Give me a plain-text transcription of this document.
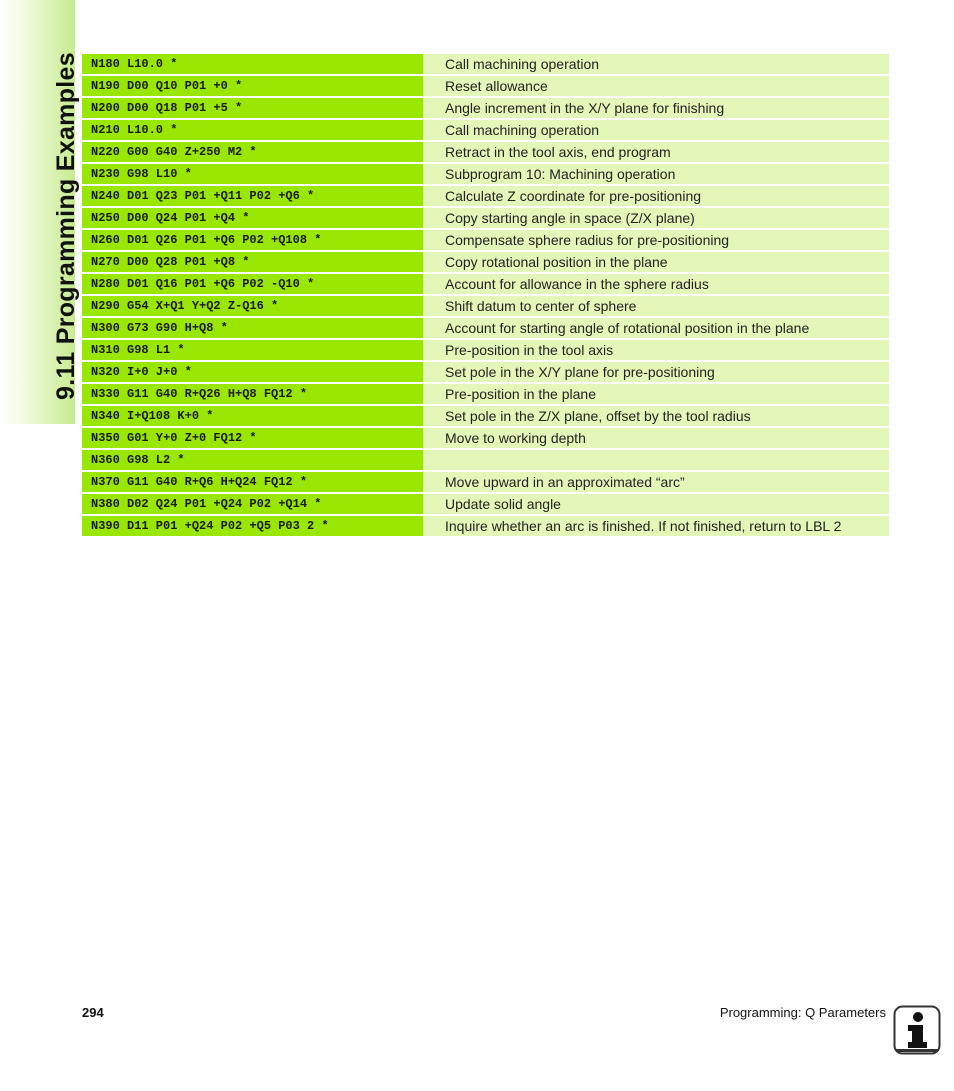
9.11 Programming Examples N180 L10.0 *	Call machining operation
N190 D00 Q10 P01 +0 *	Reset allowance
N200 D00 Q18 P01 +5 *	Angle increment in the X/Y plane for finishing
N210 L10.0 *	Call machining operation
N220 G00 G40 Z+250 M2 *	Retract in the tool axis, end program
N230 G98 L10 *	Subprogram 10: Machining operation
N240 D01 Q23 P01 +Q11 P02 +Q6 *	Calculate Z coordinate for pre-positioning
N250 D00 Q24 P01 +Q4 *	Copy starting angle in space (Z/X plane)
N260 D01 Q26 P01 +Q6 P02 +Q108 *	Compensate sphere radius for pre-positioning
N270 D00 Q28 P01 +Q8 *	Copy rotational position in the plane
N280 D01 Q16 P01 +Q6 P02 -Q10 *	Account for allowance in the sphere radius
N290 G54 X+Q1 Y+Q2 Z-Q16 *	Shift datum to center of sphere
N300 G73 G90 H+Q8 *	Account for starting angle of rotational position in the plane
N310 G98 L1 *	Pre-position in the tool axis
N320 I+0 J+0 *	Set pole in the X/Y plane for pre-positioning
N330 G11 G40 R+Q26 H+Q8 FQ12 *	Pre-position in the plane
N340 I+Q108 K+0 *	Set pole in the Z/X plane, offset by the tool radius
N350 G01 Y+0 Z+0 FQ12 *	Move to working depth
N360 G98 L2 *	
N370 G11 G40 R+Q6 H+Q24 FQ12 *	Move upward in an approximated “arc”
N380 D02 Q24 P01 +Q24 P02 +Q14 *	Update solid angle
N390 D11 P01 +Q24 P02 +Q5 P03 2 *	Inquire whether an arc is finished. If not finished, return to LBL 2
294	Programming: Q Parameters
